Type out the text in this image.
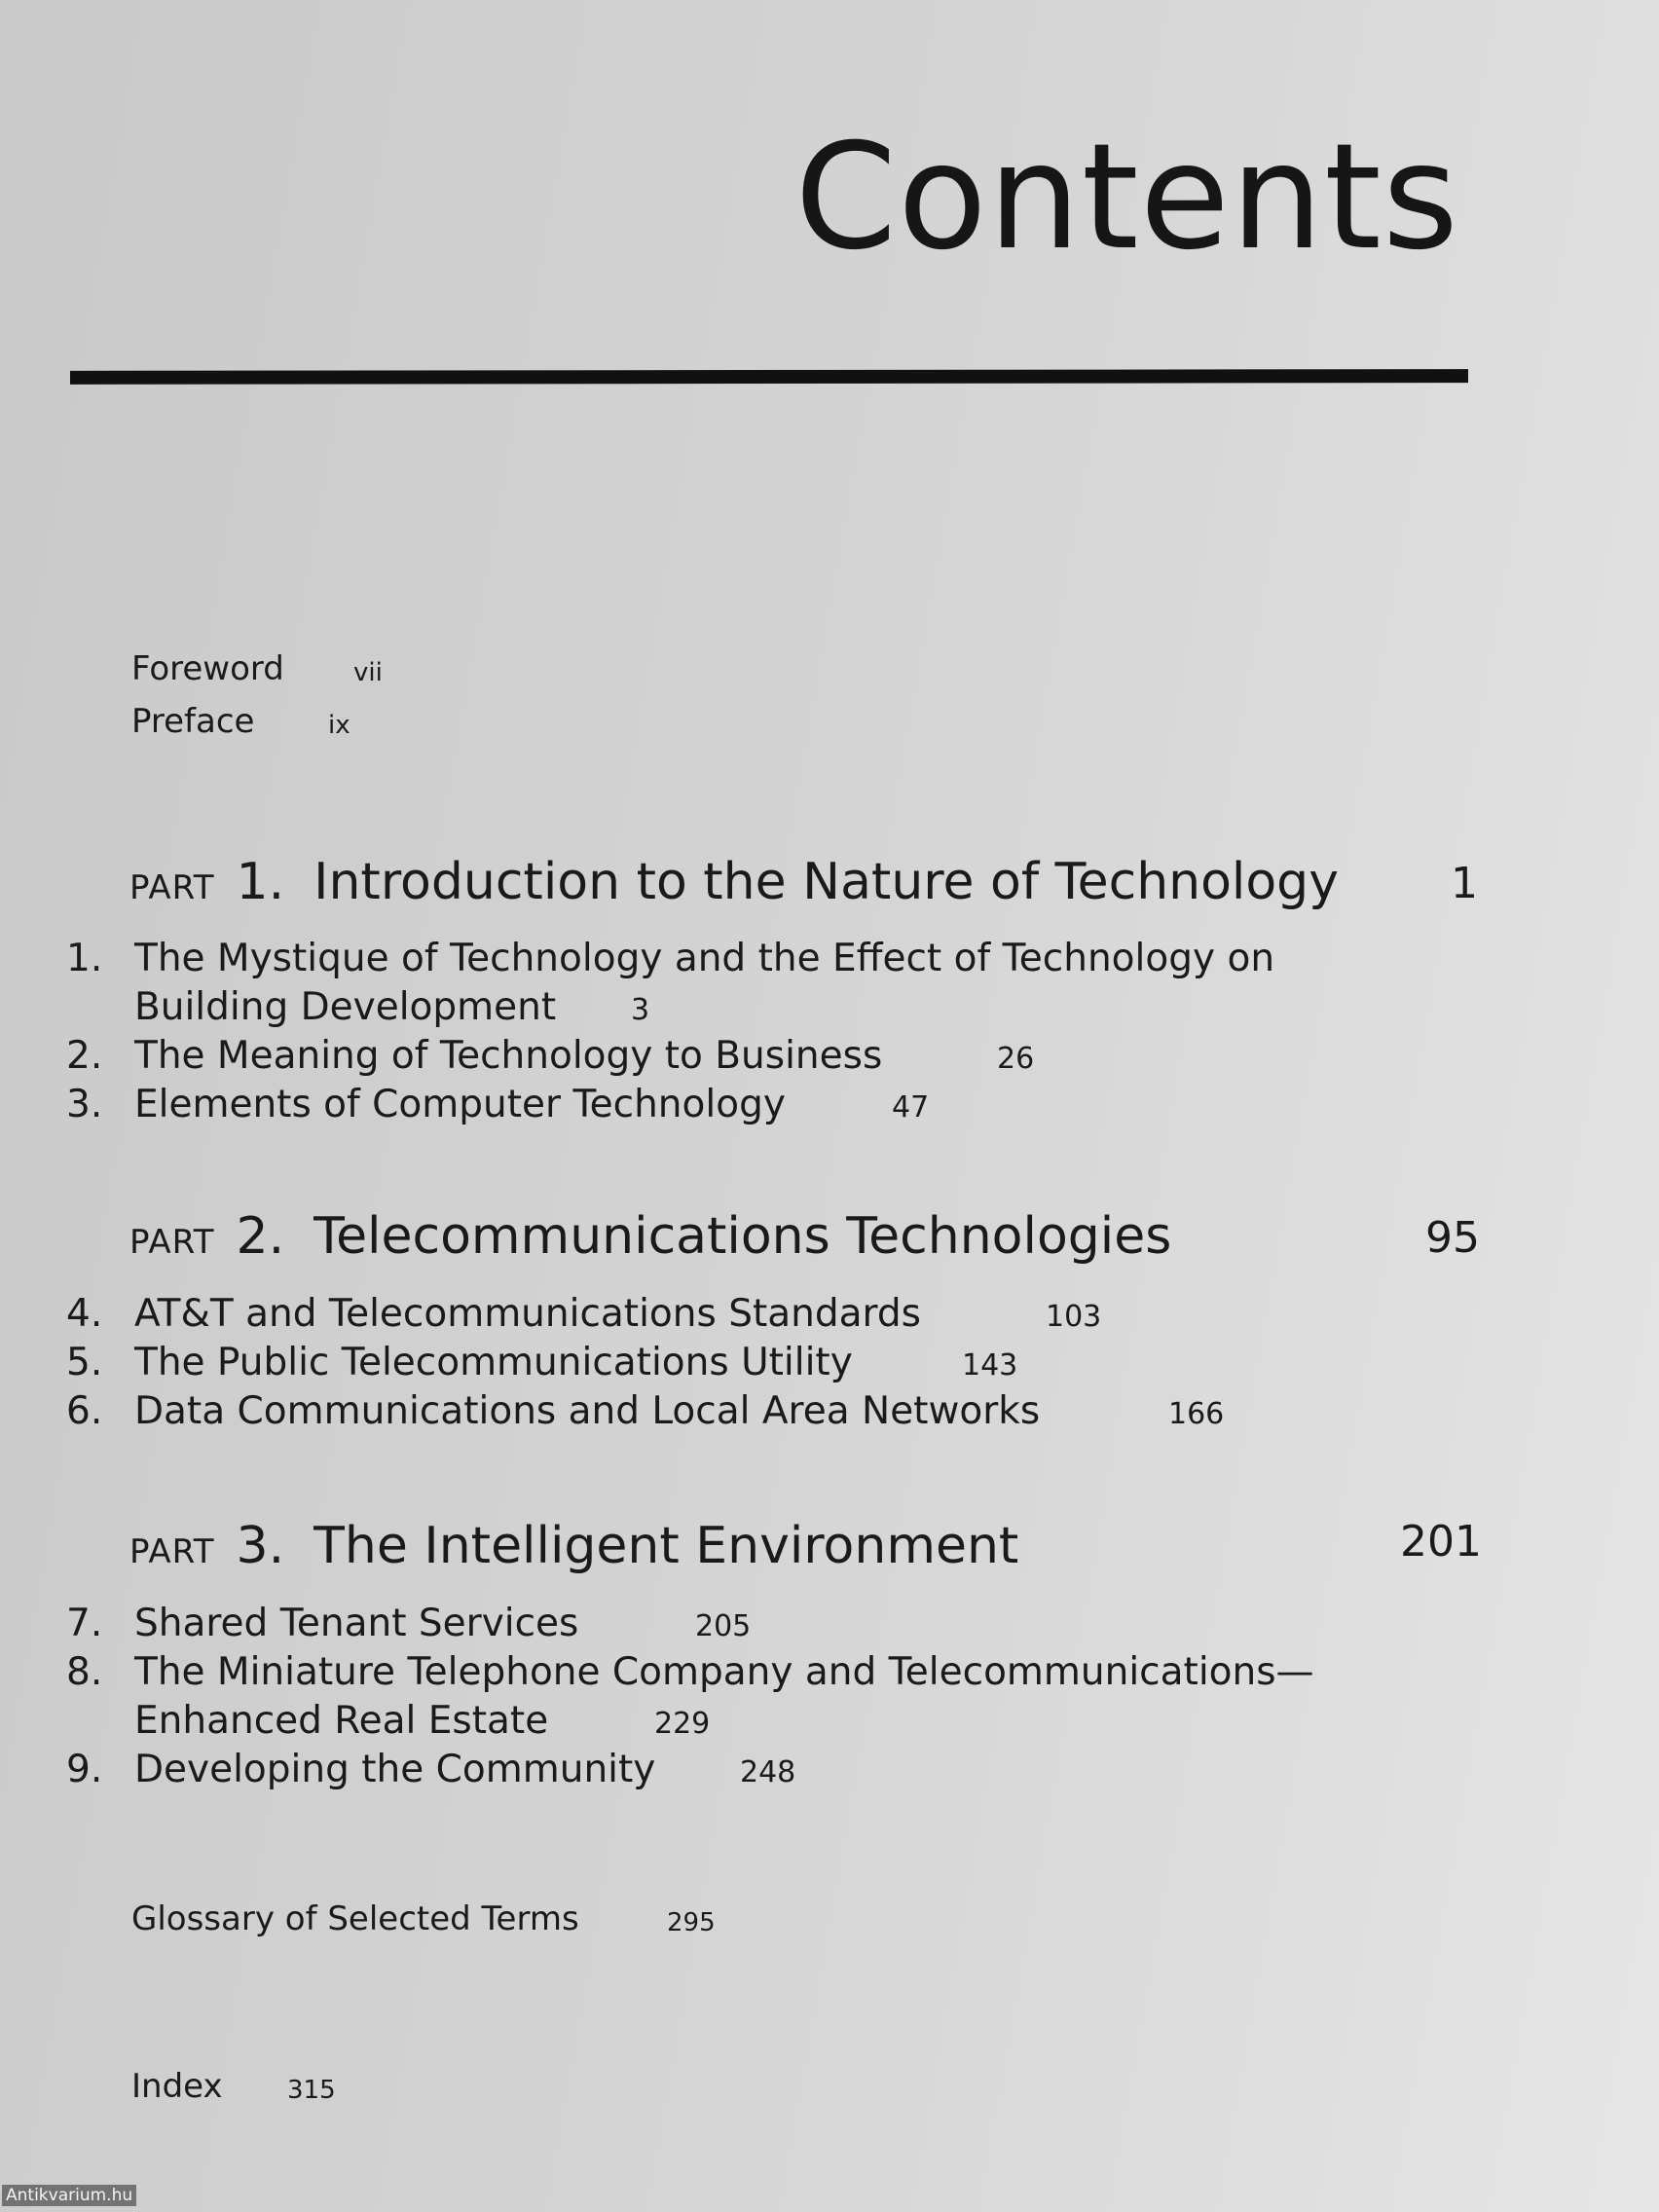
Contents
Foreword	vii
Preface	ix
PART 1. Introduction to the Nature of Technology	1
1. The Mystique of Technology and the Effect of Technology on
Building Development	3
2. The Meaning of Technology to Business	26
3. Elements of Computer Technology	47
PART 2. Telecommunications Technologies	95
4. AT&T and Telecommunications Standards	103
5. The Public Telecommunications Utility	143
6. Data Communications and Local Area Networks	166
PART 3. The Intelligent Environment	201
7. Shared Tenant Services	205
8. The Miniature Telephone Company and Telecommunications—
Enhanced Real Estate	229
9. Developing the Community	248
Glossary of Selected Terms	295
Index	315
Antikvarium.hu
